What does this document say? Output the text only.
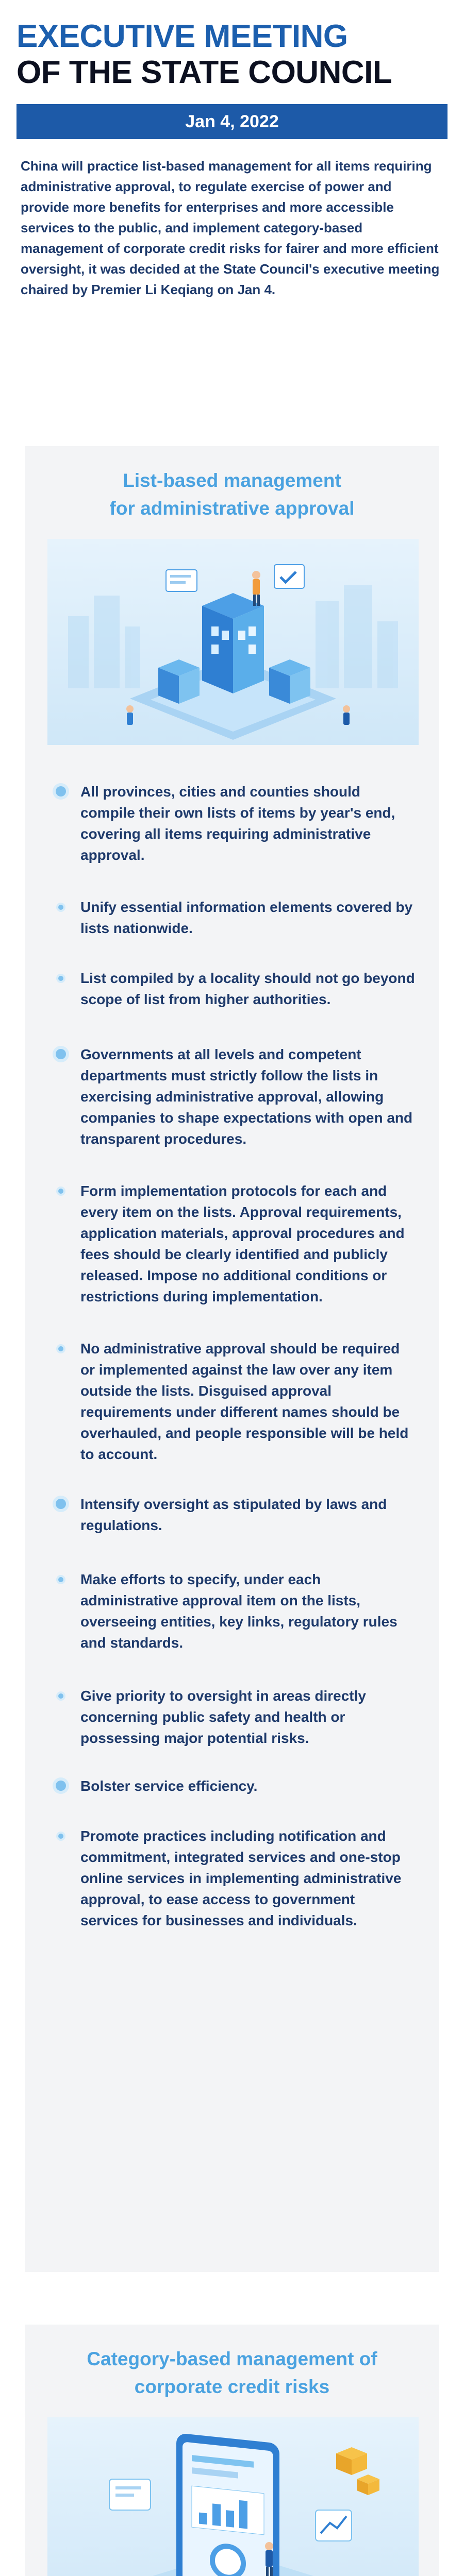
EXECUTIVE MEETING
OF THE STATE COUNCIL
Jan 4, 2022
China will practice list-based management for all items requiring administrative approval, to regulate exercise of power and provide more benefits for enterprises and more accessible services to the public, and implement category-based management of corporate credit risks for fairer and more efficient oversight, it was decided at the State Council's executive meeting chaired by Premier Li Keqiang on Jan 4.
List-based management
for administrative approval
All provinces, cities and counties should compile their own lists of items by year's end, covering all items requiring administrative approval.
Unify essential information elements covered by lists nationwide.
List compiled by a locality should not go beyond scope of list from higher authorities.
Governments at all levels and competent departments must strictly follow the lists in exercising administrative approval, allowing companies to shape expectations with open and transparent procedures.
Form implementation protocols for each and every item on the lists. Approval requirements, application materials, approval procedures and fees should be clearly identified and publicly released. Impose no additional conditions or restrictions during implementation.
No administrative approval should be required or implemented against the law over any item outside the lists. Disguised approval requirements under different names should be overhauled, and people responsible will be held to account.
Intensify oversight as stipulated by laws and regulations.
Make efforts to specify, under each administrative approval item on the lists, overseeing entities, key links, regulatory rules and standards.
Give priority to oversight in areas directly concerning public safety and health or possessing major potential risks.
Bolster service efficiency.
Promote practices including notification and commitment, integrated services and one-stop online services in implementing administrative approval, to ease access to government services for businesses and individuals.
Category-based management of
corporate credit risks
